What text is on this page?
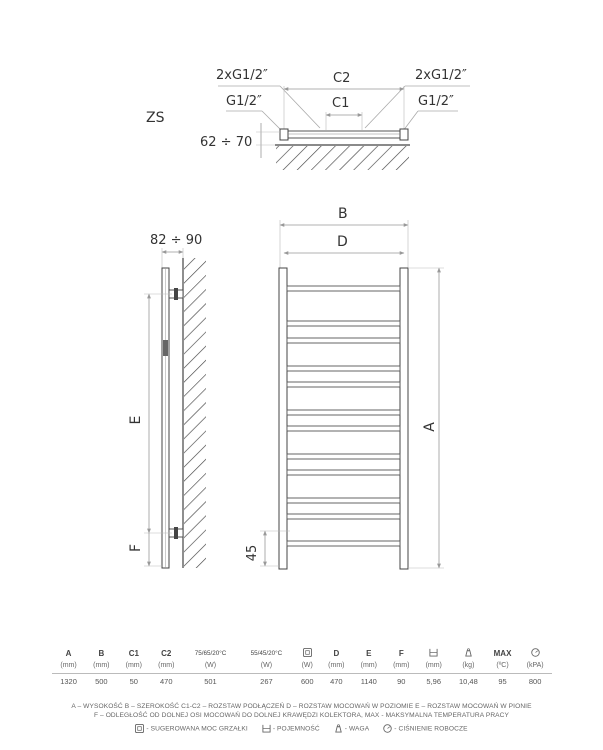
ZS
2xG1/2″	2xG1/2″
G1/2″	G1/2″
C2
C1
62 ÷ 70
82 ÷ 90
E
F
B
D
A
45
A	B	C1	C2	75/65/20°C	55/45/20°C		D	E	F			MAX	
(mm)	(mm)	(mm)	(mm)	(W)	(W)	(W)	(mm)	(mm)	(mm)	(mm)	(kg)	(ºC)	(kPA)
1320	500	50	470	501	267	600	470	1140	90	5,96	10,48	95	800
A – WYSOKOŚĆ B – SZEROKOŚĆ C1-C2 – ROZSTAW PODŁĄCZEŃ D – ROZSTAW MOCOWAŃ W POZIOMIE E – ROZSTAW MOCOWAŃ W PIONIE
F – ODLEGŁOŚĆ OD DOLNEJ OSI MOCOWAŃ DO DOLNEJ KRAWĘDZI KOLEKTORA, MAX - MAKSYMALNA TEMPERATURA PRACY
- SUGEROWANA MOC GRZAŁKI	- POJEMNOŚĆ	- WAGA	- CIŚNIENIE ROBOCZE
